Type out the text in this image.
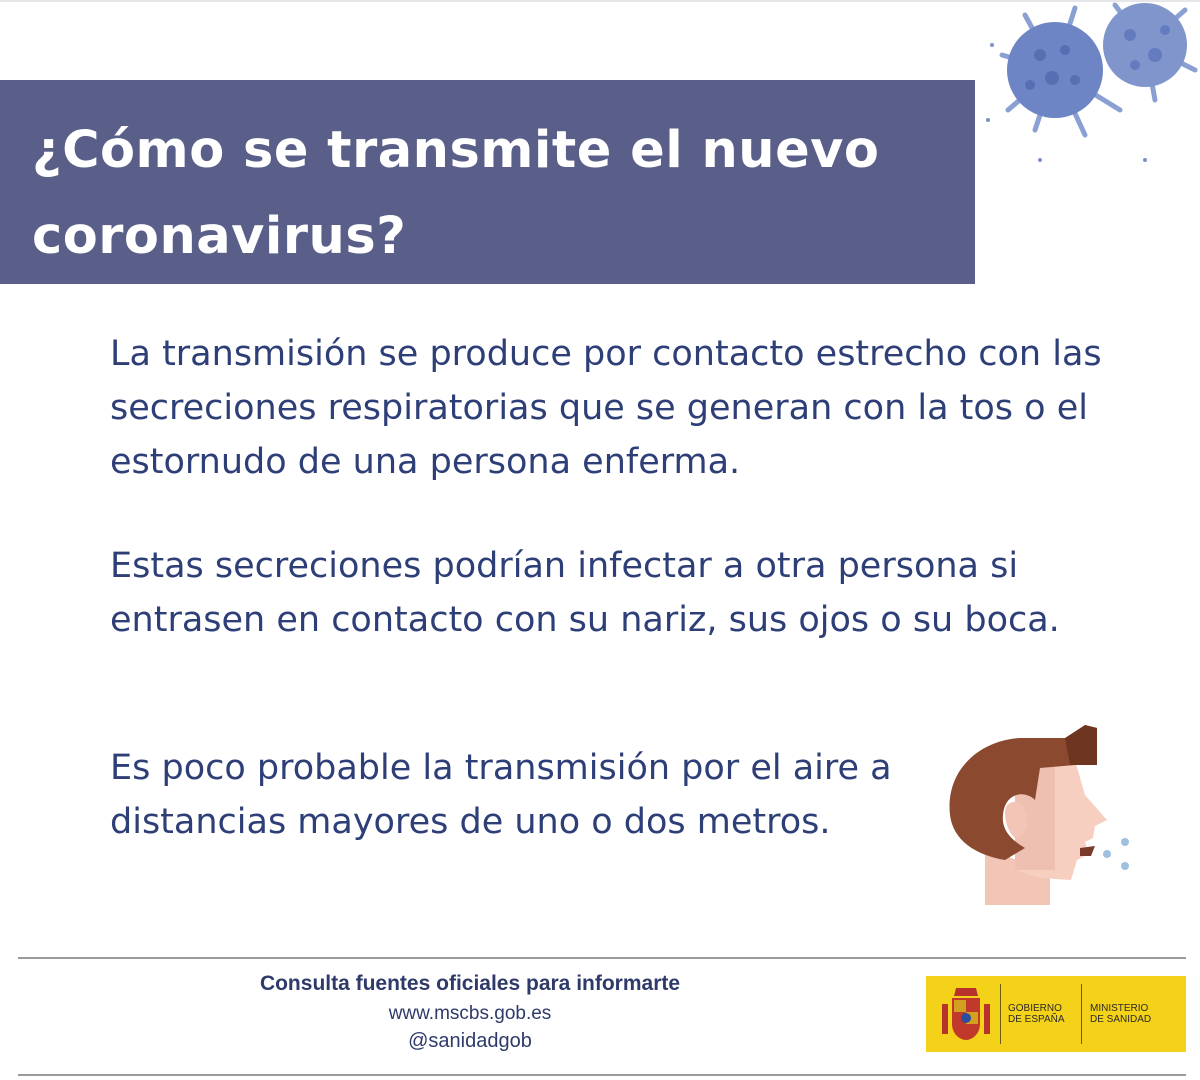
¿Cómo se transmite el nuevo coronavirus?

La transmisión se produce por contacto estrecho con las secreciones respiratorias que se generan con la tos o el estornudo de una persona enferma.

Estas secreciones podrían infectar a otra persona si entrasen en contacto con su nariz, sus ojos o su boca.

Es poco probable la transmisión por el aire a distancias mayores de uno o dos metros.

Consulta fuentes oficiales para informarte

www.mscbs.gob.es

@sanidadgob

GOBIERNO
DE ESPAÑA

MINISTERIO
DE SANIDAD
